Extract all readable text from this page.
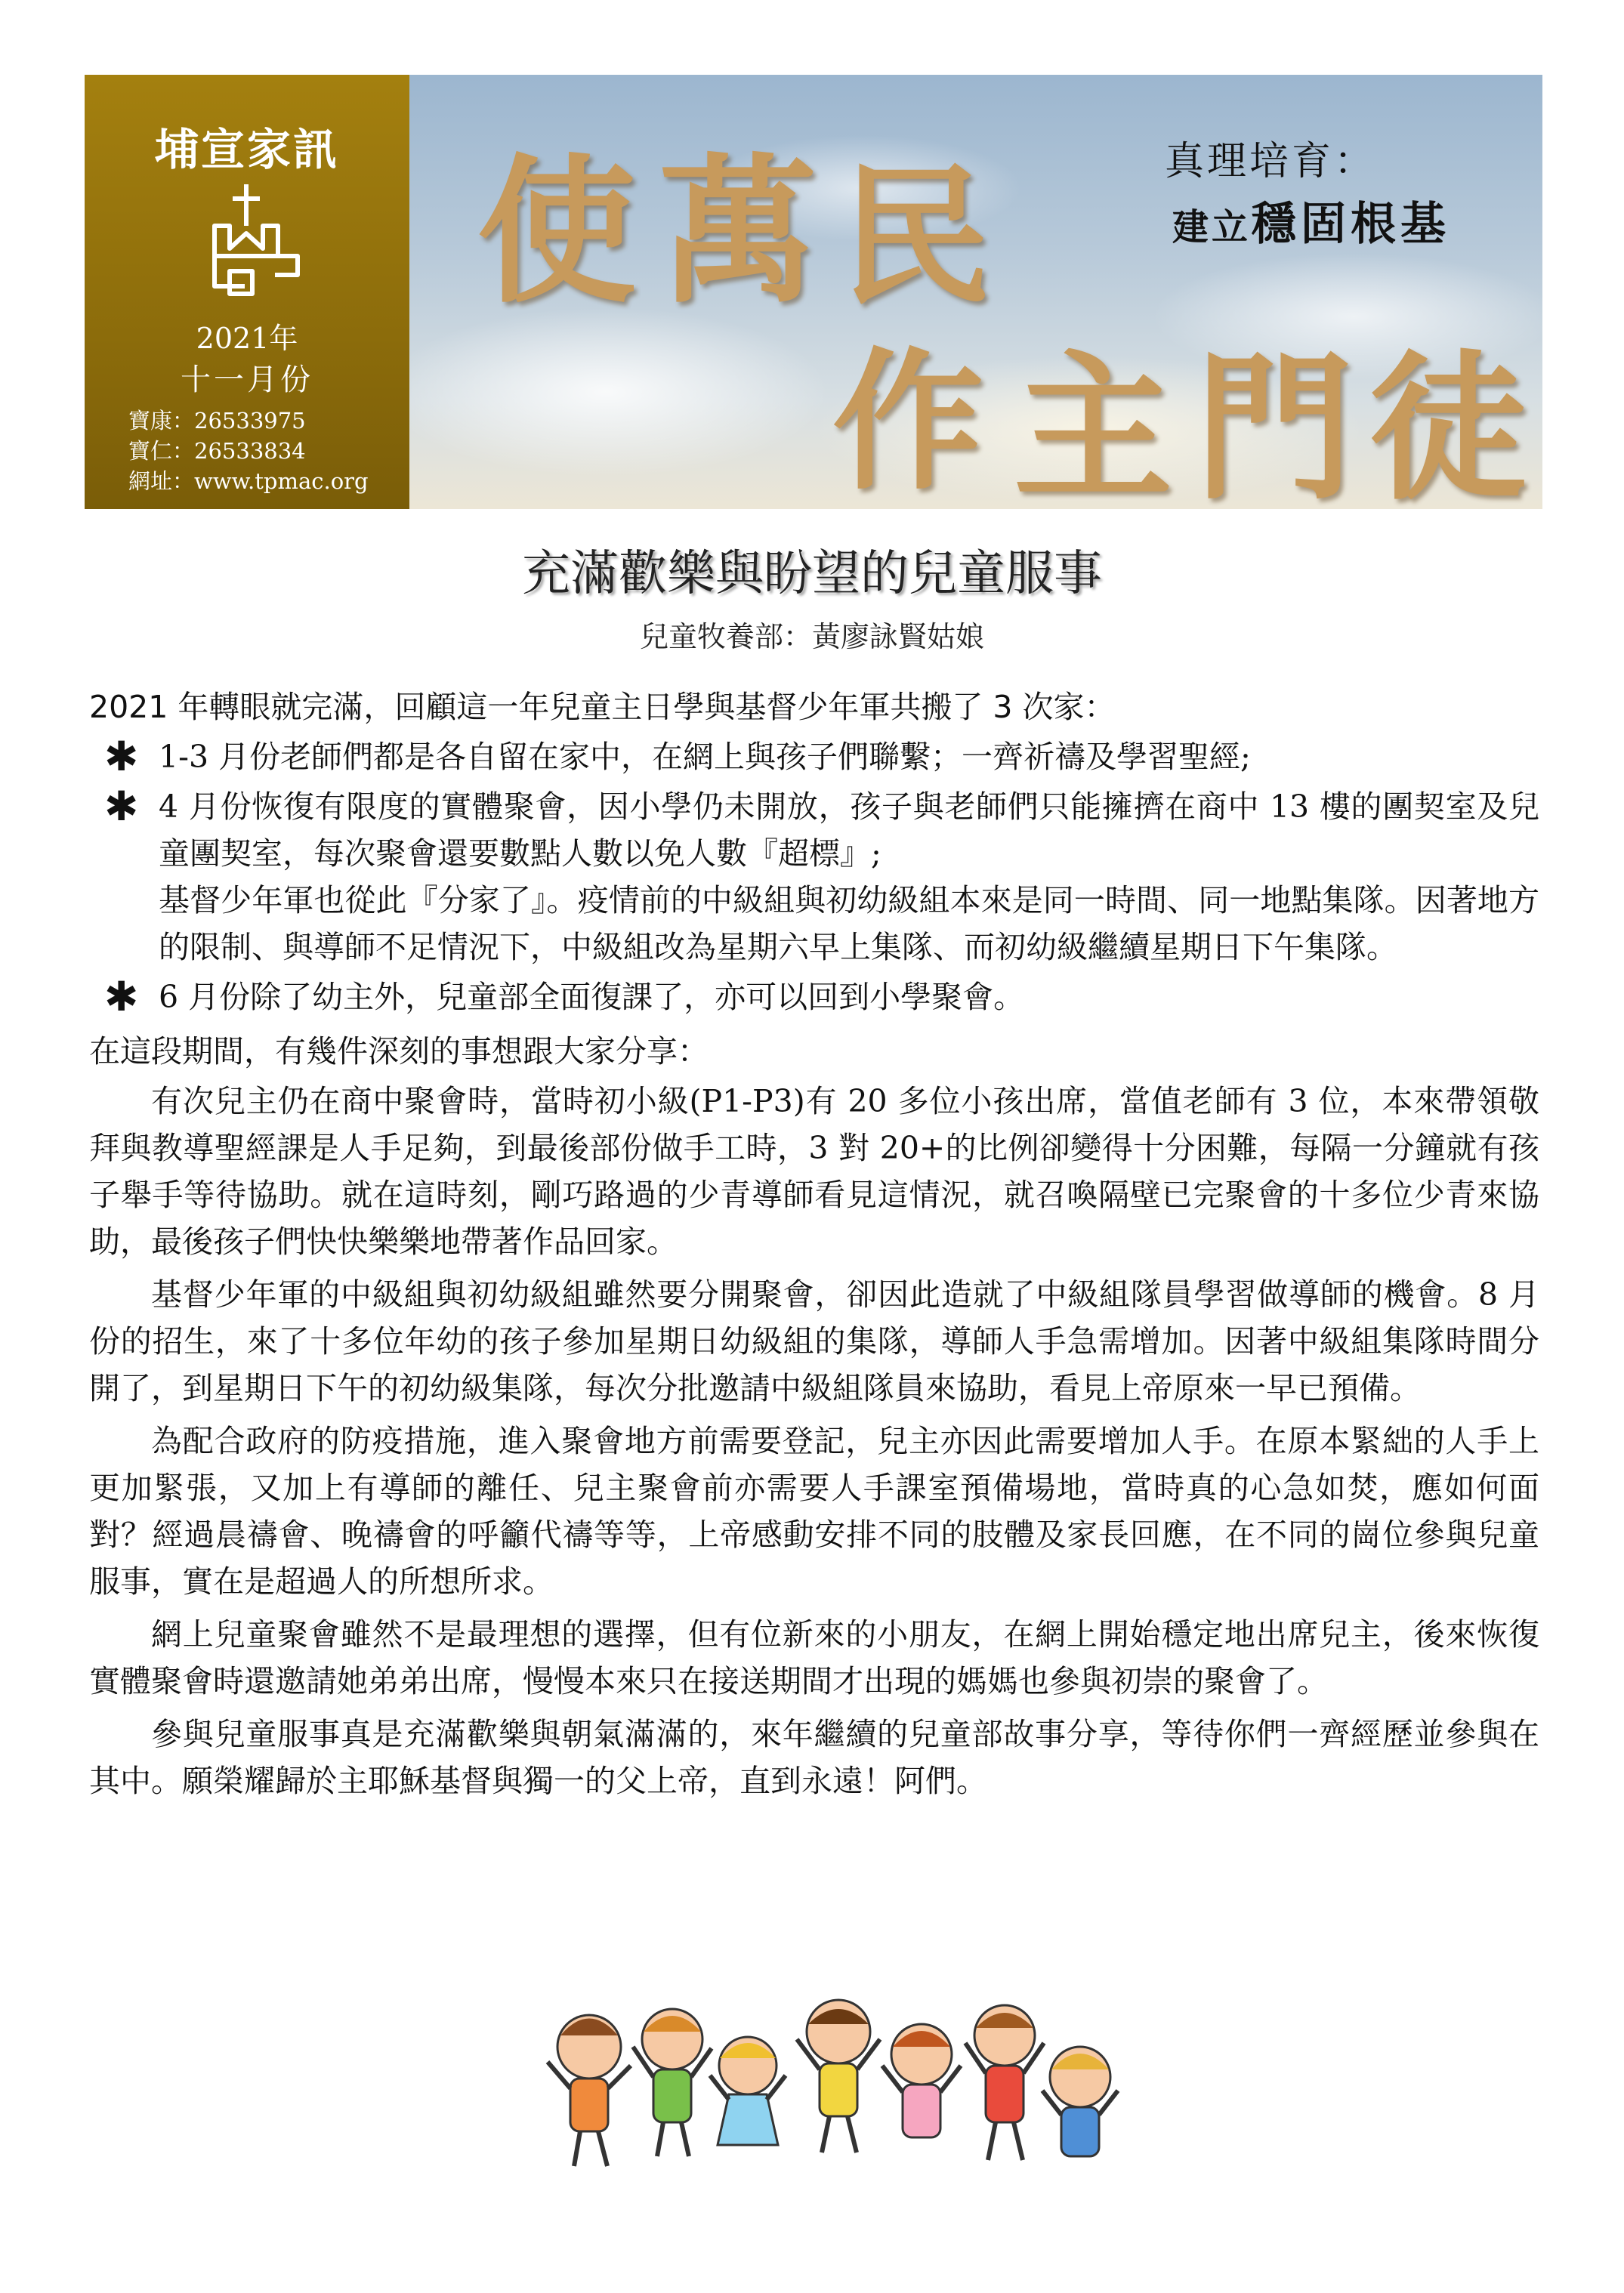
埔宣家訊
2021年
十一月份
寶康：26533975
寶仁：26533834
網址：www.tpmac.org
使 萬 民
作 主 門 徒
真理培育：
建立穩固根基
充滿歡樂與盼望的兒童服事
兒童牧養部：黃廖詠賢姑娘

2021 年轉眼就完滿，回顧這一年兒童主日學與基督少年軍共搬了 3 次家：

✱ 1-3 月份老師們都是各自留在家中，在網上與孩子們聯繫；一齊祈禱及學習聖經;
✱ 4 月份恢復有限度的實體聚會，因小學仍未開放，孩子與老師們只能擁擠在商中 13 樓的團契室及兒童團契室，每次聚會還要數點人數以免人數『超標』;
基督少年軍也從此『分家了』。疫情前的中級組與初幼級組本來是同一時間、同一地點集隊。因著地方的限制、與導師不足情況下，中級組改為星期六早上集隊、而初幼級繼續星期日下午集隊。
✱ 6 月份除了幼主外，兒童部全面復課了，亦可以回到小學聚會。

在這段期間，有幾件深刻的事想跟大家分享：

有次兒主仍在商中聚會時，當時初小級(P1-P3)有 20 多位小孩出席，當值老師有 3 位，本來帶領敬拜與教導聖經課是人手足夠，到最後部份做手工時，3 對 20+的比例卻變得十分困難，每隔一分鐘就有孩子舉手等待協助。就在這時刻，剛巧路過的少青導師看見這情況，就召喚隔壁已完聚會的十多位少青來協助，最後孩子們快快樂樂地帶著作品回家。

基督少年軍的中級組與初幼級組雖然要分開聚會，卻因此造就了中級組隊員學習做導師的機會。8 月份的招生，來了十多位年幼的孩子參加星期日幼級組的集隊，導師人手急需增加。因著中級組集隊時間分開了，到星期日下午的初幼級集隊，每次分批邀請中級組隊員來協助，看見上帝原來一早已預備。

為配合政府的防疫措施，進入聚會地方前需要登記，兒主亦因此需要增加人手。在原本緊絀的人手上更加緊張，又加上有導師的離任、兒主聚會前亦需要人手課室預備場地，當時真的心急如焚，應如何面對？經過晨禱會、晚禱會的呼籲代禱等等，上帝感動安排不同的肢體及家長回應，在不同的崗位參與兒童服事，實在是超過人的所想所求。

網上兒童聚會雖然不是最理想的選擇，但有位新來的小朋友，在網上開始穩定地出席兒主，後來恢復實體聚會時還邀請她弟弟出席，慢慢本來只在接送期間才出現的媽媽也參與初崇的聚會了。

參與兒童服事真是充滿歡樂與朝氣滿滿的，來年繼續的兒童部故事分享，等待你們一齊經歷並參與在其中。願榮耀歸於主耶穌基督與獨一的父上帝，直到永遠！阿們。
